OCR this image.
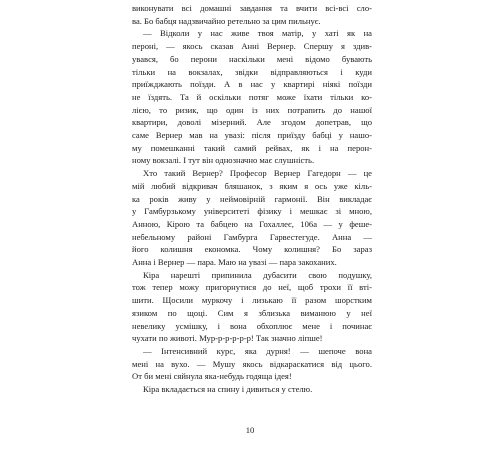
виконувати всі домашні завдання та вчити всі-всі сло-

ва. Бо бабця надзвичайно ретельно за цим пильнує.

— Відколи у нас живе твоя матір, у хаті як на

пероні, — якось сказав Анні Вернер. Спершу я здив-

увався, бо перони наскільки мені відомо бувають

тільки на вокзалах, звідки відправляються і куди

приїжджають поїзди. А в нас у квартирі ніякі поїзди

не їздять. Та й оскільки потяг може їхати тільки ко-

лією, то ризик, що один із них потрапить до нашої

квартири, доволі мізерний. Але згодом допетрав, що

саме Вернер мав на увазі: після приїзду бабці у нашо-

му помешканні такий самий рейвах, як і на перон-

ному вокзалі. І тут він однозначно має слушність.

Хто такий Вернер? Професор Вернер Гагедорн — це

мій любий відкривач бляшанок, з яким я ось уже кіль-

ка років живу у неймовірній гармонії. Він викладає

у Гамбурзькому університеті фізику і мешкає зі мною,

Анною, Кірою та бабцею на Гохаллеє, 106а — у феше-

небельному районі Гамбурга Гарвестегуде. Анна —

його колишня економка. Чому колишня? Бо зараз

Анна і Вернер — пара. Маю на увазі — пара закоханих.

Кіра нарешті припинила дубасити свою подушку,

тож тепер можу пригорнутися до неї, щоб трохи її вті-

шити. Щосили муркочу і лизькаю її разом шорстким

язиком по щоці. Сим я зблизька виманюю у неї

невелику усмішку, і вона обхоплює мене і починає

чухати по животі. Мур-р-р-р-р-р! Так значно ліпше!

— Інтенсивний курс, яка дурня! — шепоче вона

мені на вухо. — Мушу якось відкараскатися від цього.

От би мені сяйнула яка-небудь годяща ідея!

Кіра вкладається на спину і дивиться у стелю.

10
